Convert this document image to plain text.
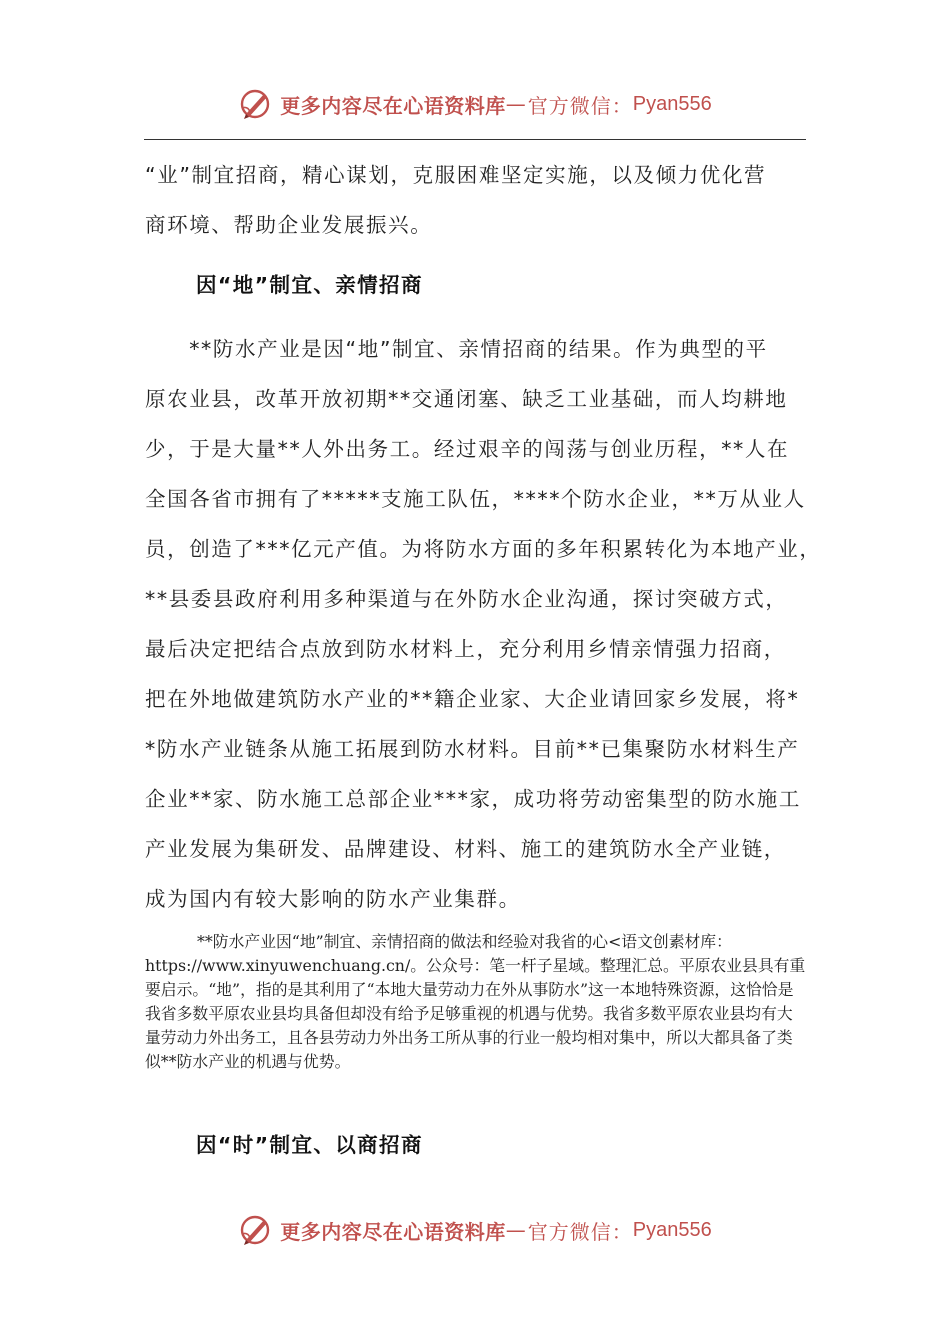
更多内容尽在心语资料库 — 官方微信： Pyan556
“业”制宜招商，精心谋划，克服困难坚定实施，以及倾力优化营
商环境、帮助企业发展振兴。
因“地”制宜、亲情招商
　　**防水产业是因“地”制宜、亲情招商的结果。作为典型的平
原农业县，改革开放初期**交通闭塞、缺乏工业基础，而人均耕地
少，于是大量**人外出务工。经过艰辛的闯荡与创业历程，**人在
全国各省市拥有了*****支施工队伍，****个防水企业，**万从业人
员，创造了***亿元产值。为将防水方面的多年积累转化为本地产业，
**县委县政府利用多种渠道与在外防水企业沟通，探讨突破方式，
最后决定把结合点放到防水材料上，充分利用乡情亲情强力招商，
把在外地做建筑防水产业的**籍企业家、大企业请回家乡发展，将*
*防水产业链条从施工拓展到防水材料。目前**已集聚防水材料生产
企业**家、防水施工总部企业***家，成功将劳动密集型的防水施工
产业发展为集研发、品牌建设、材料、施工的建筑防水全产业链，
成为国内有较大影响的防水产业集群。

**防水产业因“地”制宜、亲情招商的做法和经验对我省的心<语文创素材库：https://www.xinyuwenchuang.cn/。公众号：笔一杆子星域。整理汇总。平原农业县具有重要启示。“地”，指的是其利用了“本地大量劳动力在外从事防水”这一本地特殊资源，这恰恰是我省多数平原农业县均具备但却没有给予足够重视的机遇与优势。我省多数平原农业县均有大量劳动力外出务工，且各县劳动力外出务工所从事的行业一般均相对集中，所以大都具备了类似**防水产业的机遇与优势。

因“时”制宜、以商招商
更多内容尽在心语资料库 — 官方微信： Pyan556
